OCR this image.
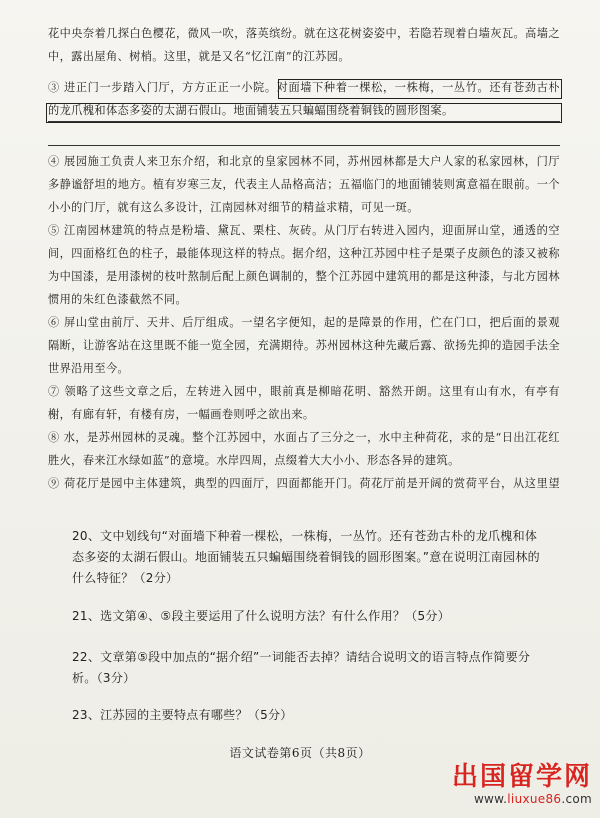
花中央奈着几探白色樱花，微风一吹，落英缤纷。就在这花树姿姿中，若隐若现着白墙灰瓦。高墙之中，露出屋角、树梢。这里，就是又名“忆江南”的江苏园。

③ 进正门一步踏入门厅，方方正正一小院。对面墙下种着一棵松，一株梅，一丛竹。还有苍劲古朴的龙爪槐和体态多姿的太湖石假山。地面铺装五只蝙蝠围绕着铜钱的圆形图案。

④ 展园施工负责人来卫东介绍，和北京的皇家园林不同，苏州园林都是大户人家的私家园林，门厅多静谧舒坦的地方。植有岁寒三友，代表主人品格高洁；五福临门的地面铺装则寓意福在眼前。一个小小的门厅，就有这么多设计，江南园林对细节的精益求精，可见一斑。

⑤ 江南园林建筑的特点是粉墙、黛瓦、栗柱、灰砖。从门厅右转进入园内，迎面屏山堂，通透的空间，四面格红色的柱子，最能体现这样的特点。据介绍，这种江苏园中柱子是栗子皮颜色的漆又被称为中国漆，是用漆树的枝叶熬制后配上颜色调制的，整个江苏园中建筑用的都是这种漆，与北方园林惯用的朱红色漆截然不同。

⑥ 屏山堂由前厅、天井、后厅组成。一望名字便知，起的是障景的作用，伫在门口，把后面的景观隔断，让游客站在这里既不能一览全园，充满期待。苏州园林这种先藏后露、欲扬先抑的造园手法全世界沿用至今。

⑦ 领略了这些文章之后，左转进入园中，眼前真是柳暗花明、豁然开朗。这里有山有水，有亭有榭，有廊有轩，有楼有房，一幅画卷则呼之欲出来。

⑧ 水，是苏州园林的灵魂。整个江苏园中，水面占了三分之一，水中主种荷花，求的是“日出江花红胜火，春来江水绿如蓝”的意境。水岸四周，点缀着大大小小、形态各异的建筑。

⑨ 荷花厅是园中主体建筑，典型的四面厅，四面都能开门。荷花厅前是开阔的赏荷平台，从这里望

20、文中划线句“对面墙下种着一棵松，一株梅，一丛竹。还有苍劲古朴的龙爪槐和体态多姿的太湖石假山。地面铺装五只蝙蝠围绕着铜钱的圆形图案。”意在说明江南园林的什么特征？（2分）

21、选文第④、⑤段主要运用了什么说明方法？有什么作用？（5分）

22、文章第⑤段中加点的“据介绍”一词能否去掉？请结合说明文的语言特点作简要分析。（3分）

23、江苏园的主要特点有哪些？（5分）

语文试卷第6页（共8页）
出国留学网
www.liuxue86.com
